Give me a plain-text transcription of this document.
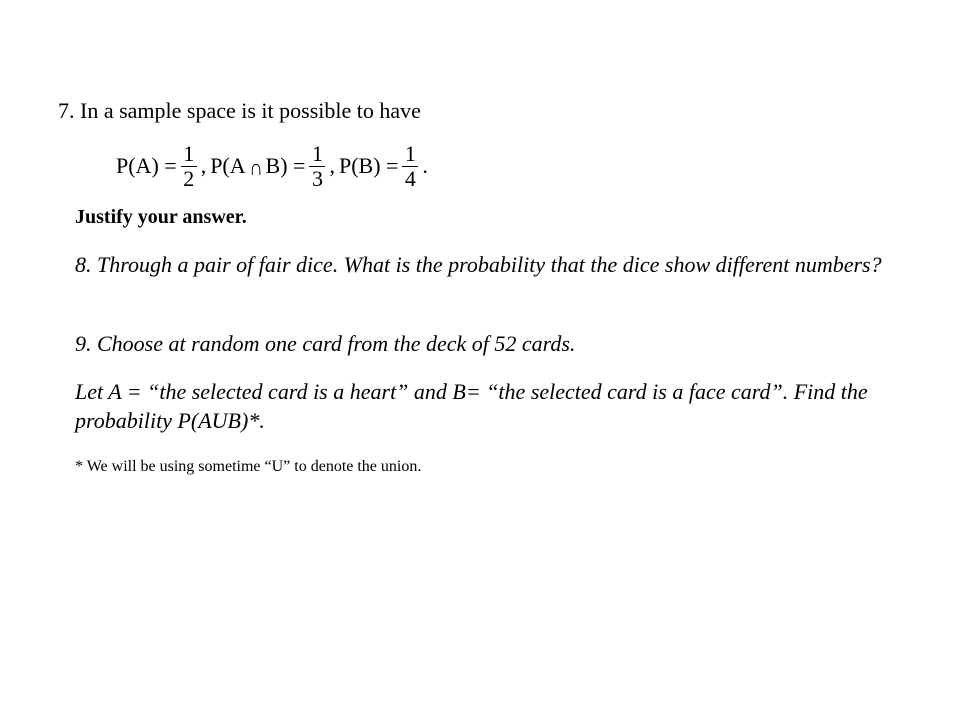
7. In a sample space is it possible to have
$P(A) = \frac{1}{2}$ , P(A ∩ $B) = \frac{1}{3}$ , $P(B) = \frac{1}{4}$ .
Justify your answer.
8. Through a pair of fair dice. What is the probability that the dice show different numbers?
9. Choose at random one card from the deck of 52 cards.
Let A = “the selected card is a heart” and B= “the selected card is a face card”. Find the probability P(AUB)*.
* We will be using sometime “U” to denote the union.
